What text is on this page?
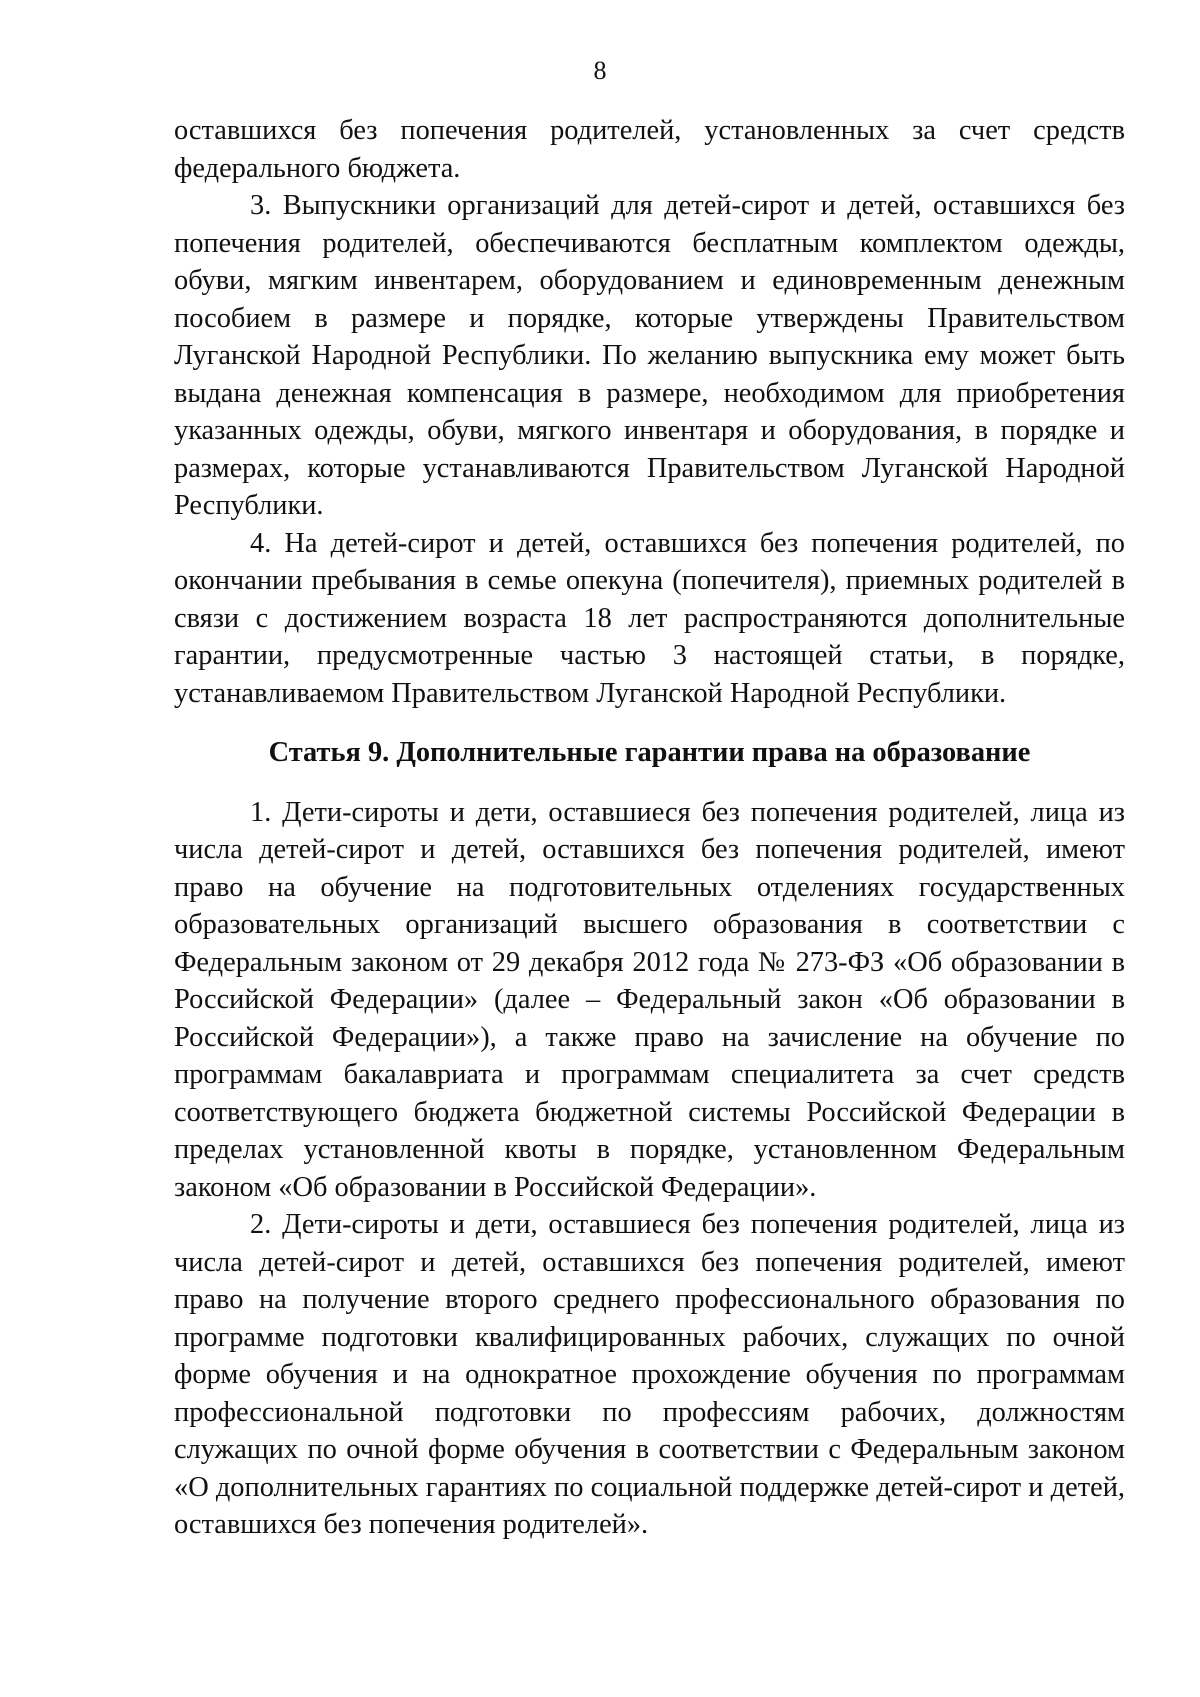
8

оставшихся без попечения родителей, установленных за счет средств федерального бюджета.

3. Выпускники организаций для детей-сирот и детей, оставшихся без попечения родителей, обеспечиваются бесплатным комплектом одежды, обуви, мягким инвентарем, оборудованием и единовременным денежным пособием в размере и порядке, которые утверждены Правительством Луганской Народной Республики. По желанию выпускника ему может быть выдана денежная компенсация в размере, необходимом для приобретения указанных одежды, обуви, мягкого инвентаря и оборудования, в порядке и размерах, которые устанавливаются Правительством Луганской Народной Республики.

4. На детей-сирот и детей, оставшихся без попечения родителей, по окончании пребывания в семье опекуна (попечителя), приемных родителей в связи с достижением возраста 18 лет распространяются дополнительные гарантии, предусмотренные частью 3 настоящей статьи, в порядке, устанавливаемом Правительством Луганской Народной Республики.

Статья 9. Дополнительные гарантии права на образование

1. Дети-сироты и дети, оставшиеся без попечения родителей, лица из числа детей-сирот и детей, оставшихся без попечения родителей, имеют право на обучение на подготовительных отделениях государственных образовательных организаций высшего образования в соответствии с Федеральным законом от 29 декабря 2012 года № 273-ФЗ «Об образовании в Российской Федерации» (далее – Федеральный закон «Об образовании в Российской Федерации»), а также право на зачисление на обучение по программам бакалавриата и программам специалитета за счет средств соответствующего бюджета бюджетной системы Российской Федерации в пределах установленной квоты в порядке, установленном Федеральным законом «Об образовании в Российской Федерации».

2. Дети-сироты и дети, оставшиеся без попечения родителей, лица из числа детей-сирот и детей, оставшихся без попечения родителей, имеют право на получение второго среднего профессионального образования по программе подготовки квалифицированных рабочих, служащих по очной форме обучения и на однократное прохождение обучения по программам профессиональной подготовки по профессиям рабочих, должностям служащих по очной форме обучения в соответствии с Федеральным законом «О дополнительных гарантиях по социальной поддержке детей-сирот и детей, оставшихся без попечения родителей».
